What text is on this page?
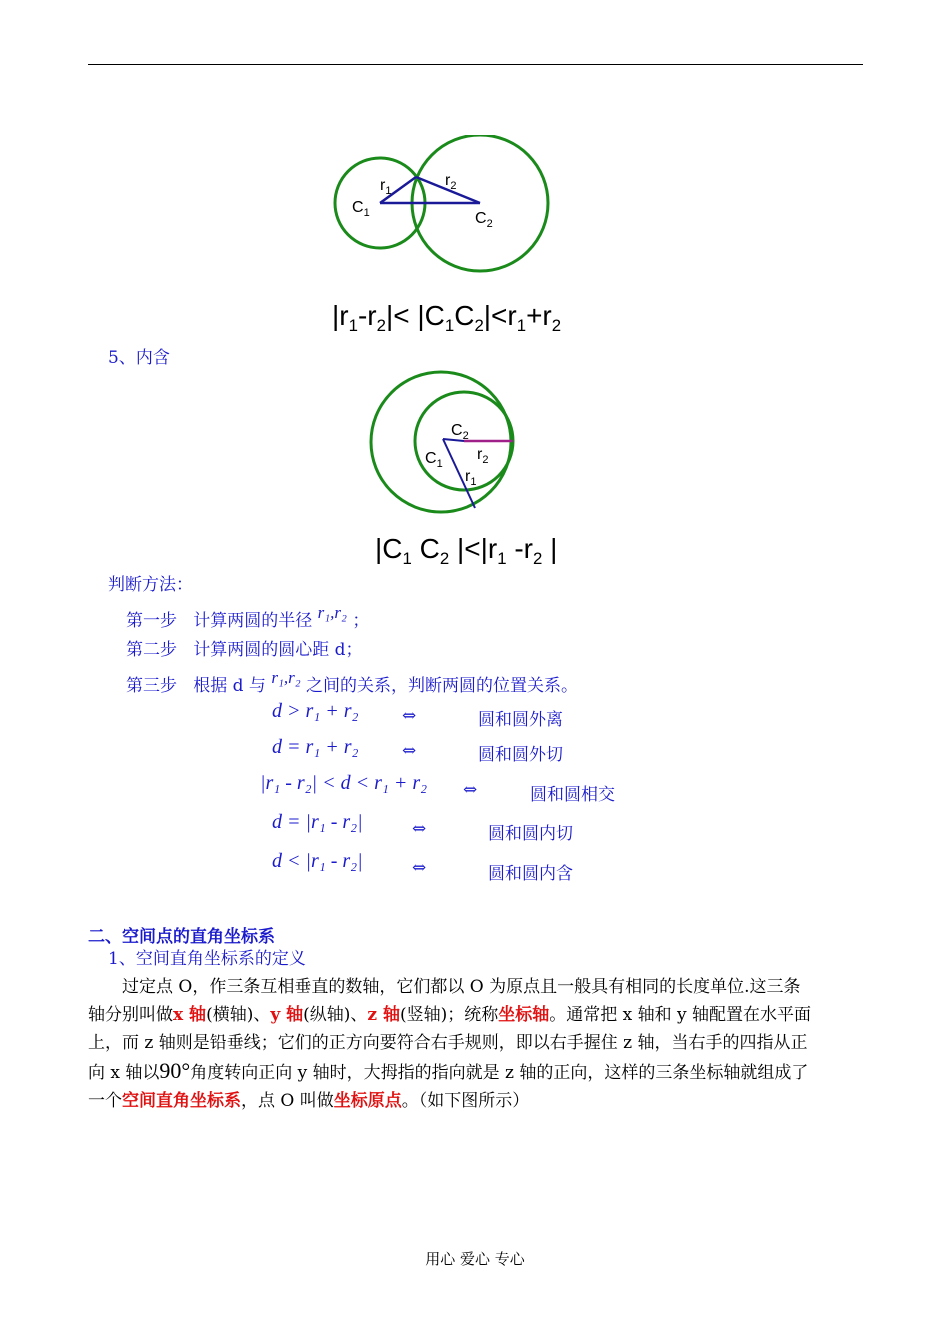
$C_1$
$r_1$
$r_2$
$C_2$
$|r_1-r_2|< |C_1C_2|<r_1+r_2$
5、内含
$C_2$
$C_1$
$r_2$
$r_1$
$|C_1$ $C_2$ $|<|r_1$ $-r_2$ |
判断方法：
第一步 计算两圆的半径 r₁,r₂ ；
第二步 计算两圆的圆心距 d；
第三步 根据 d 与 r₁,r₂ 之间的关系，判断两圆的位置关系。
d > r₁ + r₂	⇔	圆和圆外离
d = r₁ + r₂	⇔	圆和圆外切
|r₁ - r₂| < d < r₁ + r₂ ⇔	圆和圆相交
d = |r₁ - r₂|	⇔	圆和圆内切
d < |r₁ - r₂|	⇔	圆和圆内含
二、空间点的直角坐标系
1、空间直角坐标系的定义
过定点 O，作三条互相垂直的数轴，它们都以 O 为原点且一般具有相同的长度单位.这三条
轴分别叫做x 轴(横轴)、y 轴(纵轴)、z 轴(竖轴)；统称坐标轴。通常把 x 轴和 y 轴配置在水平面
上，而 z 轴则是铅垂线；它们的正方向要符合右手规则，即以右手握住 z 轴，当右手的四指从正
向 x 轴以90°角度转向正向 y 轴时，大拇指的指向就是 z 轴的正向，这样的三条坐标轴就组成了
一个空间直角坐标系，点 O 叫做坐标原点。（如下图所示）
用心 爱心 专心
